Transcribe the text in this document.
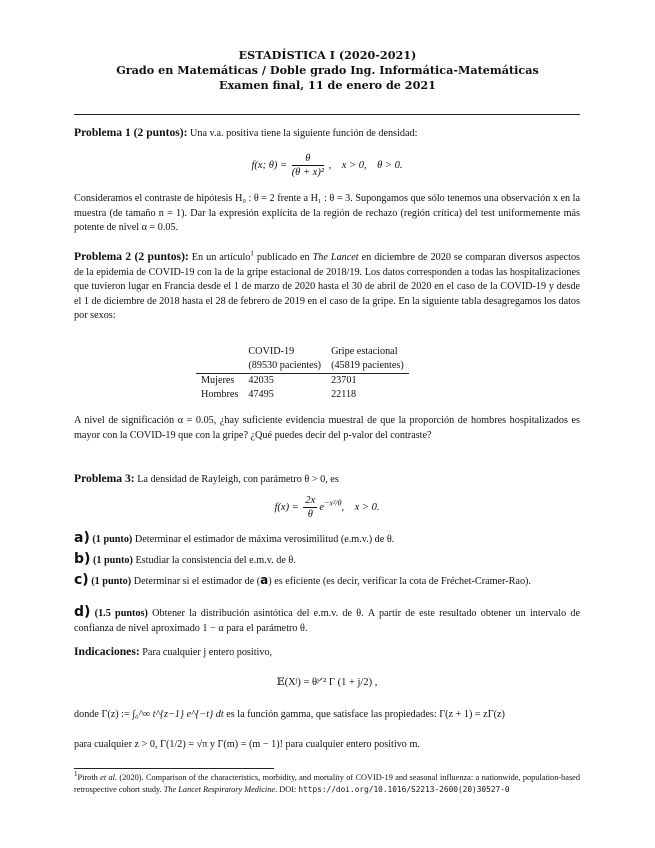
ESTADÍSTICA I (2020-2021)
Grado en Matemáticas / Doble grado Ing. Informática-Matemáticas
Examen final, 11 de enero de 2021
Problema 1 (2 puntos): Una v.a. positiva tiene la siguiente función de densidad:
f(x; $\theta) = \frac{\theta}{\text{(θ + x)²}}$ ,    x > 0,    θ > 0.
Consideramos el contraste de hipótesis H₀ : θ = 2 frente a H₁ : θ = 3. Supongamos que sólo tenemos una observación x en la muestra (de tamaño n = 1). Dar la expresión explícita de la región de rechazo (región crítica) del test uniformemente más potente de nivel α = 0.05.
Problema 2 (2 puntos): En un artículo$^1$ publicado en The Lancet en diciembre de 2020 se comparan diversos aspectos de la epidemia de COVID-19 con la de la gripe estacional de 2018/19. Los datos corresponden a todas las hospitalizaciones que tuvieron lugar en Francia desde el 1 de marzo de 2020 hasta el 30 de abril de 2020 en el caso de la COVID-19 y desde el 1 de diciembre de 2018 hasta el 28 de febrero de 2019 en el caso de la gripe. En la siguiente tabla desagregamos los datos por sexos:
	COVID-19	Gripe estacional
	(89530 pacientes)	(45819 pacientes)
Mujeres	42035	23701
Hombres	47495	22118
A nivel de significación α = 0.05, ¿hay suficiente evidencia muestral de que la proporción de hombres hospitalizados es mayor con la COVID-19 que con la gripe? ¿Qué puedes decir del p-valor del contraste?
Problema 3: La densidad de Rayleigh, con parámetro θ > 0, es
$f(x) = \frac{2x}{\theta} e^{-x^2/\theta}$,    x > 0.
a) (1 punto) Determinar el estimador de máxima verosimilitud (e.m.v.) de θ.
b) (1 punto) Estudiar la consistencia del e.m.v. de θ.
c) (1 punto) Determinar si el estimador de (a) es eficiente (es decir, verificar la cota de Fréchet-Cramer-Rao).
d) (1.5 puntos) Obtener la distribución asintótica del e.m.v. de θ. A partir de este resultado obtener un intervalo de confianza de nivel aproximado 1 − α para el parámetro θ.
Indicaciones: Para cualquier j entero positivo,
𝔼(Xʲ) = θʲᐟ² Γ (1 + j/2) ,
donde Γ(z) := ∫₀^∞ t^{z−1} e^{−t} dt es la función gamma, que satisface las propiedades: Γ(z + 1) = zΓ(z)
para cualquier z > 0, Γ(1/2) = √π y Γ(m) = (m − 1)! para cualquier entero positivo m.
$^1$Piroth et al. (2020). Comparison of the characteristics, morbidity, and mortality of COVID-19 and seasonal influenza: a nationwide, population-based retrospective cohort study. The Lancet Respiratory Medicine. DOI: https://doi.org/10.1016/S2213-2600(20)30527-0
